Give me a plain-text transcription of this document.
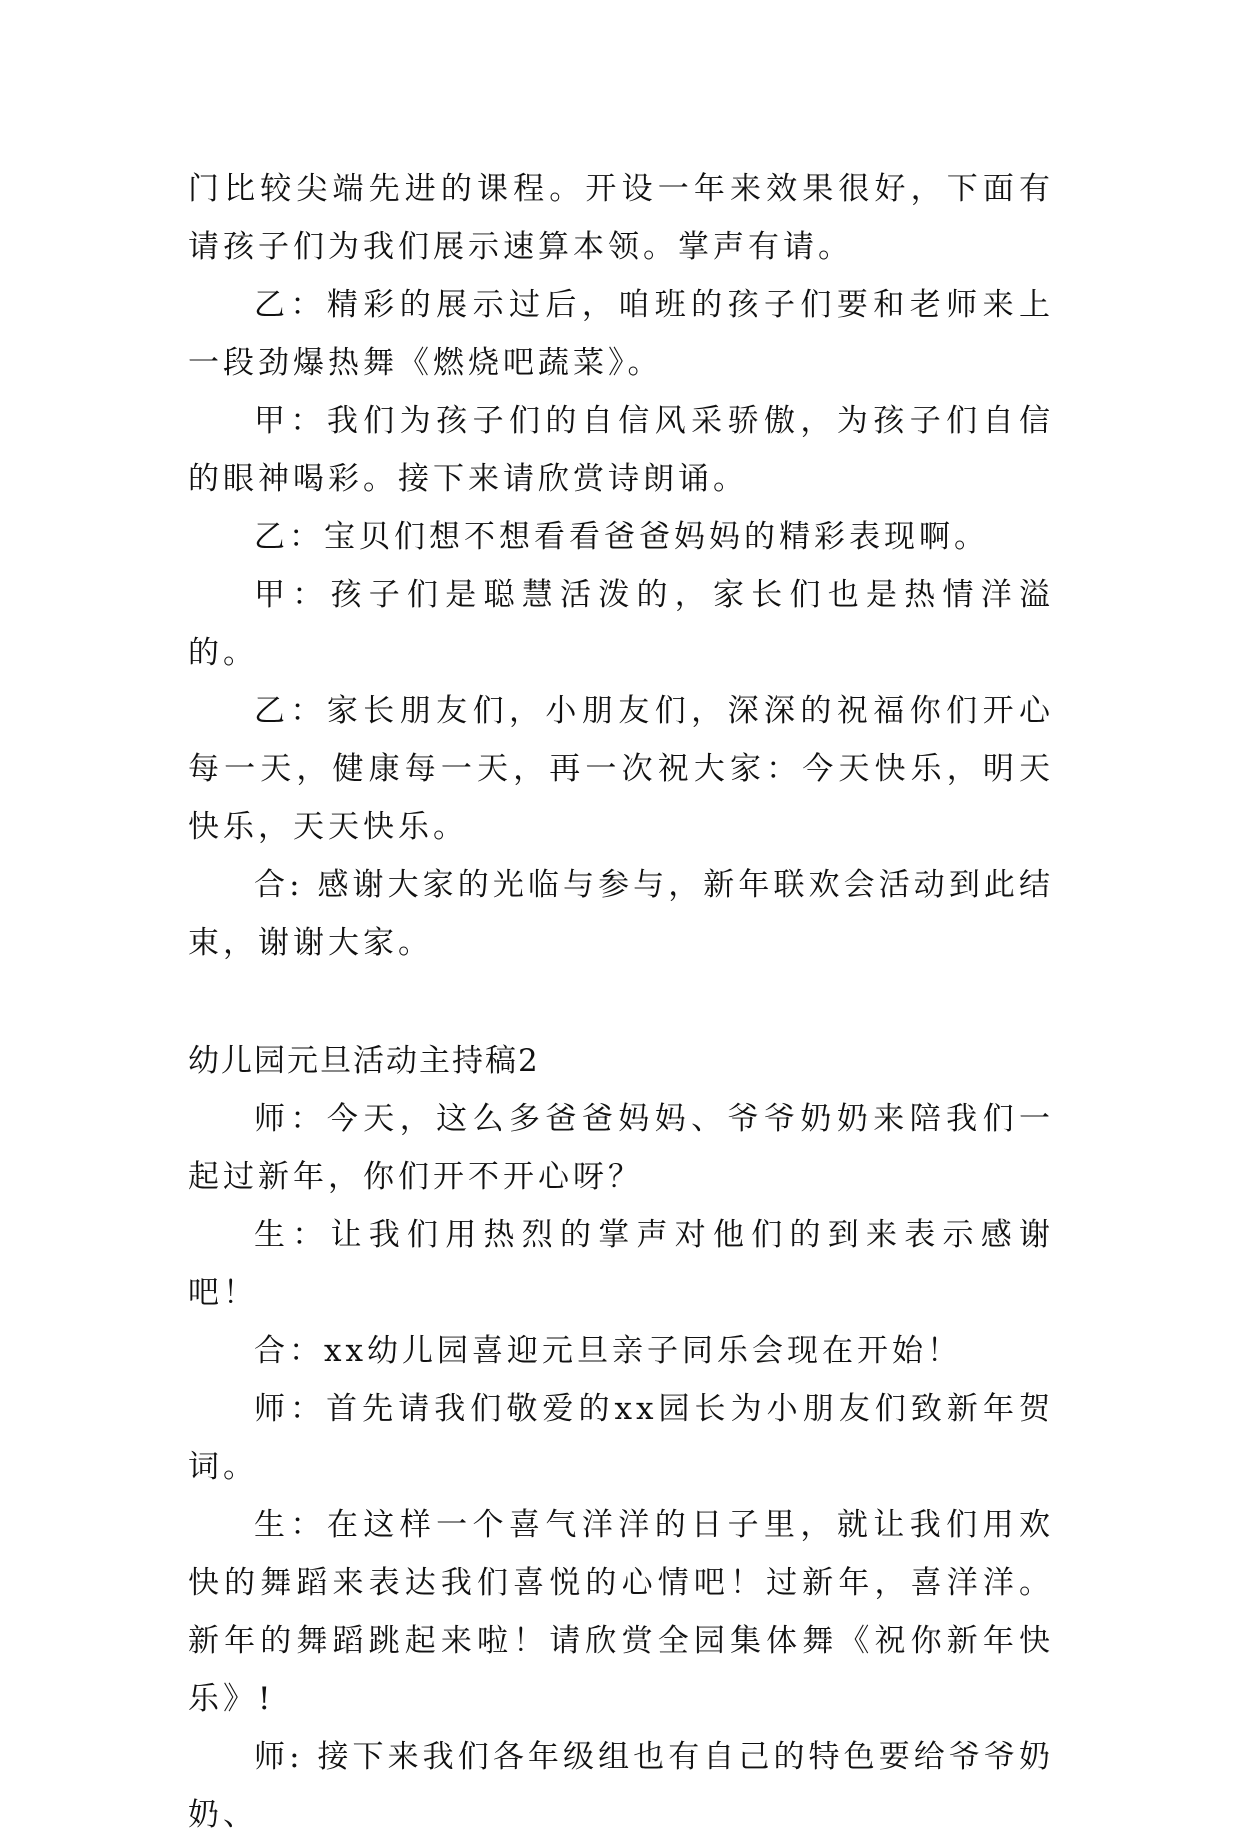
门比较尖端先进的课程。开设一年来效果很好，下面有请孩子们为我们展示速算本领。掌声有请。

乙：精彩的展示过后，咱班的孩子们要和老师来上一段劲爆热舞《燃烧吧蔬菜》。

甲：我们为孩子们的自信风采骄傲，为孩子们自信的眼神喝彩。接下来请欣赏诗朗诵。

乙：宝贝们想不想看看爸爸妈妈的精彩表现啊。

甲：孩子们是聪慧活泼的，家长们也是热情洋溢的。

乙：家长朋友们，小朋友们，深深的祝福你们开心每一天，健康每一天，再一次祝大家：今天快乐，明天快乐，天天快乐。

合: 感谢大家的光临与参与，新年联欢会活动到此结束，谢谢大家。

幼儿园元旦活动主持稿2

师：今天，这么多爸爸妈妈、爷爷奶奶来陪我们一起过新年，你们开不开心呀？

生：让我们用热烈的掌声对他们的到来表示感谢吧！

合：xx幼儿园喜迎元旦亲子同乐会现在开始！

师：首先请我们敬爱的xx园长为小朋友们致新年贺词。

生：在这样一个喜气洋洋的日子里，就让我们用欢快的舞蹈来表达我们喜悦的心情吧！过新年，喜洋洋。新年的舞蹈跳起来啦！请欣赏全园集体舞《祝你新年快乐》!

师: 接下来我们各年级组也有自己的特色要给爷爷奶奶、
